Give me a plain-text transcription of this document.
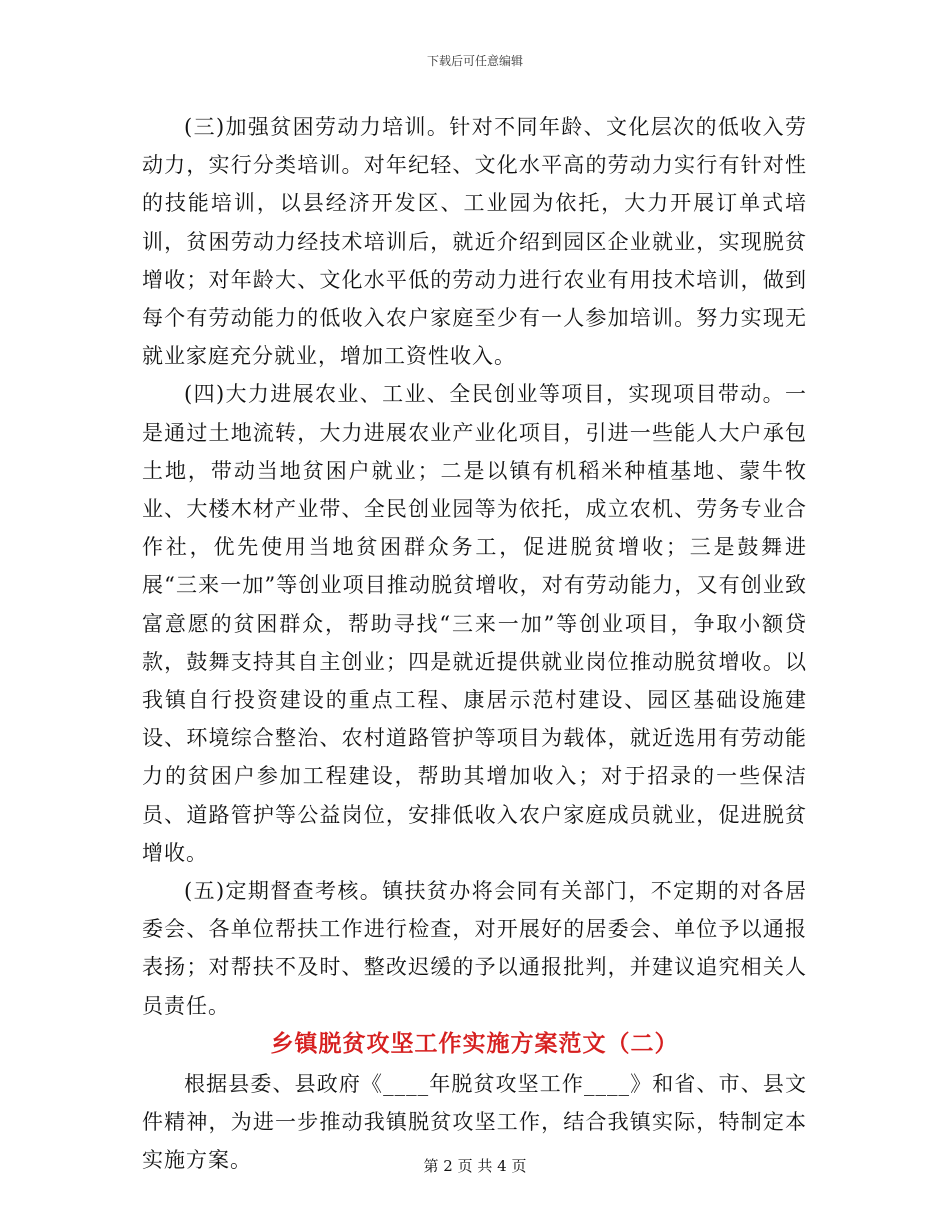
下载后可任意编辑

(三)加强贫困劳动力培训。针对不同年龄、文化层次的低收入劳动力，实行分类培训。对年纪轻、文化水平高的劳动力实行有针对性的技能培训，以县经济开发区、工业园为依托，大力开展订单式培训，贫困劳动力经技术培训后，就近介绍到园区企业就业，实现脱贫增收；对年龄大、文化水平低的劳动力进行农业有用技术培训，做到每个有劳动能力的低收入农户家庭至少有一人参加培训。努力实现无就业家庭充分就业，增加工资性收入。

(四)大力进展农业、工业、全民创业等项目，实现项目带动。一是通过土地流转，大力进展农业产业化项目，引进一些能人大户承包土地，带动当地贫困户就业；二是以镇有机稻米种植基地、蒙牛牧业、大楼木材产业带、全民创业园等为依托，成立农机、劳务专业合作社，优先使用当地贫困群众务工，促进脱贫增收；三是鼓舞进展“三来一加”等创业项目推动脱贫增收，对有劳动能力，又有创业致富意愿的贫困群众，帮助寻找“三来一加”等创业项目，争取小额贷款，鼓舞支持其自主创业；四是就近提供就业岗位推动脱贫增收。以我镇自行投资建设的重点工程、康居示范村建设、园区基础设施建设、环境综合整治、农村道路管护等项目为载体，就近选用有劳动能力的贫困户参加工程建设，帮助其增加收入；对于招录的一些保洁员、道路管护等公益岗位，安排低收入农户家庭成员就业，促进脱贫增收。

(五)定期督查考核。镇扶贫办将会同有关部门，不定期的对各居委会、各单位帮扶工作进行检查，对开展好的居委会、单位予以通报表扬；对帮扶不及时、整改迟缓的予以通报批判，并建议追究相关人员责任。

乡镇脱贫攻坚工作实施方案范文（二）

根据县委、县政府《____年脱贫攻坚工作____》和省、市、县文件精神，为进一步推动我镇脱贫攻坚工作，结合我镇实际，特制定本实施方案。	第 2 页 共 4 页
